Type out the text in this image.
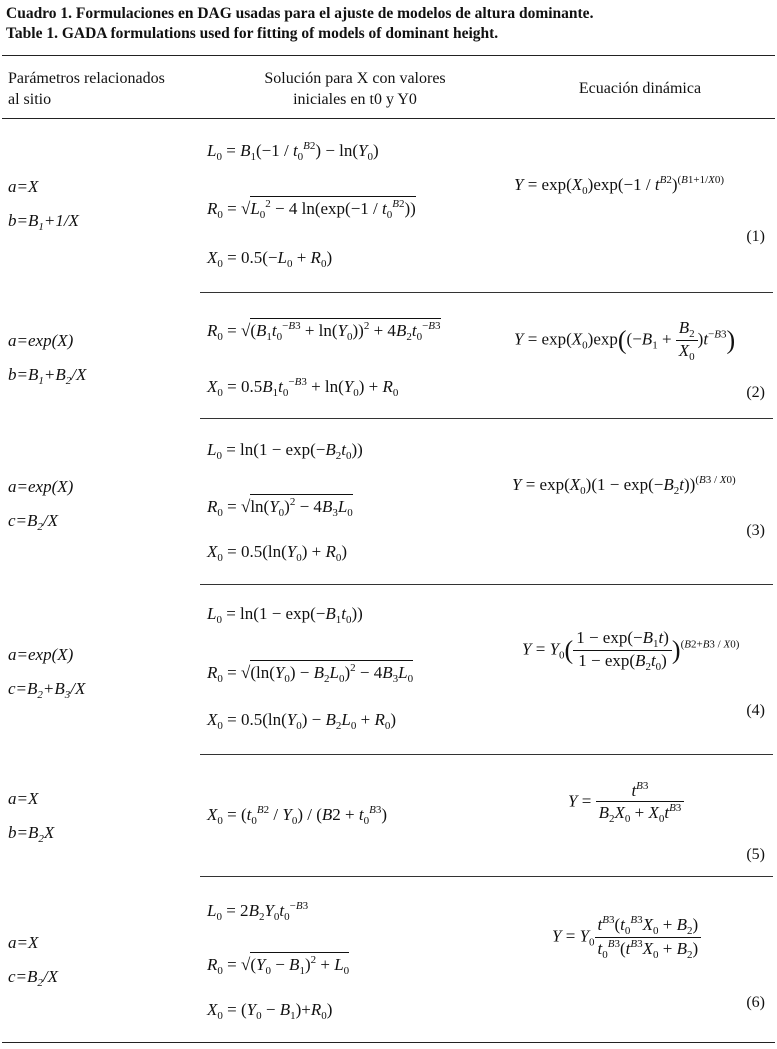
Cuadro 1. Formulaciones en DAG usadas para el ajuste de modelos de altura dominante.
Table 1. GADA formulations used for fitting of models of dominant height.
Parámetros relacionados al sitio
Solución para X con valores iniciales en t0 y Y0
Ecuación dinámica
a=X
$b=B_1+1/X$
$L_0 = B_1(-1 / t_0^{B2}) - \ln(Y_0)$
$R_0 = √L_0^2 - 4$ $\ln(\exp(-1 / t_0^{B2}))$
$X_0 = 0.5(-L_0 + R_0)$
$Y = \exp(X_0)\exp(-1 / t^{B2})^{(B1+1/X0)}$
(1)
a=exp(X)
$b=B_1+B_2/X$
$R_0 = √(B_1t_0^{-B3} + \ln(Y_0))^2 + 4B_2t_0^{-B3}$
$X_0 = 0.5B_1t_0^{-B3} + \ln(Y_0) + R_0$
$Y = \exp(X_0)\exp((-B_1 + \frac{B_2}{X_0} )t^{-B3})$
(2)
a=exp(X)
$c=B_2/X$
$L_0 = \ln(1 - \exp(-B_2t_0))$
$R_0 = √\ln(Y_0)^2 - 4B_3L_0$
$X_0 = 0.5(\ln(Y_0) + R_0)$
$Y = \exp(X_0)(1 - \exp(-B_2t))^{(B3 / X0)}$
(3)
a=exp(X)
$c=B_2+B_3/X$
$L_0 = \ln(1 - \exp(-B_1t_0))$
$R_0 = √(\ln(Y_0) - B_2L_0)^2 - 4B_3L_0$
$X_0 = 0.5(\ln(Y_0) - B_2L_0 + R_0)$
$Y = Y_0( \frac{1 - \exp(-B_1t)}{1 - \exp(B_2t_0)} )^{(B2+B3 / X0)}$
(4)
a=X
$b=B_2X$
$X_0 = (t_0^{B2} / Y_0) / (B2 + t_0^{B3})$
$Y = \frac{t^{B3}}{B_2X_0 + X_0t^{B3}}$
(5)
a=X
$c=B_2/X$
$L_0 = 2B_2Y_0t_0^{-B3}$
$R_0 = √(Y_0 - B_1)^2 + L_0$
$X_0 = (Y_0 - B_1)+R_0$)
$Y = Y_0 \frac{t^{B3}(t_0^{B3}X_0 + B_2)}{t_0^{B3}(t^{B3}X_0 + B_2)}$
(6)
